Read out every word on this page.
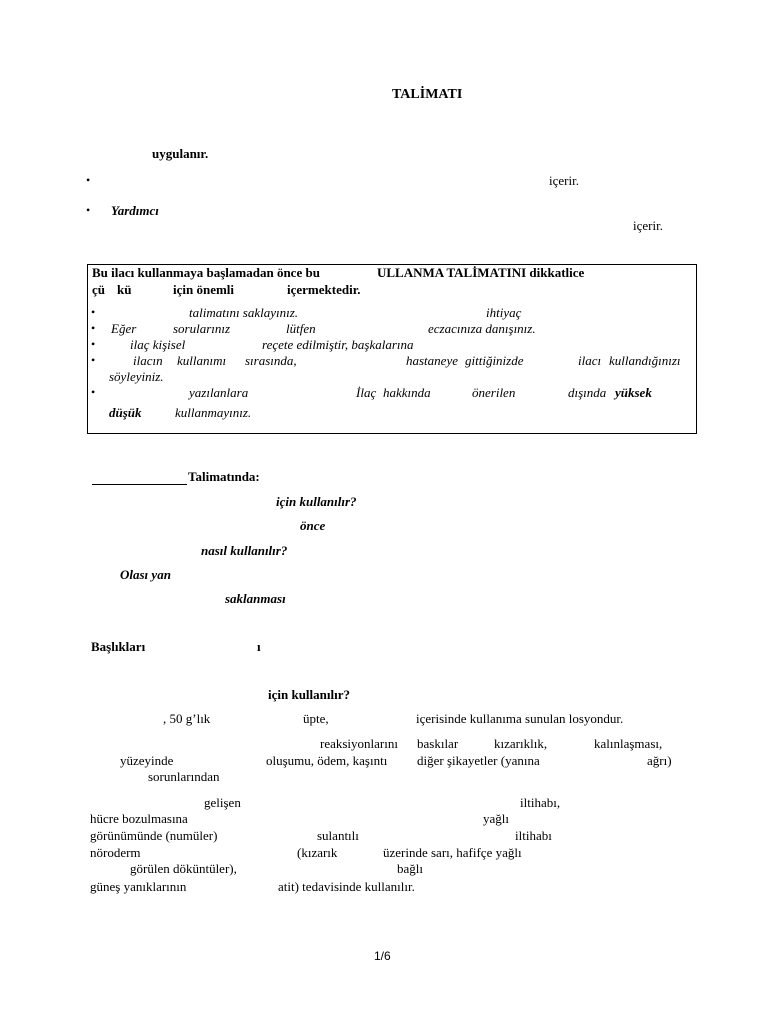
TALİMATI
uygulanır.
•	içerir.
• Yardımcı
içerir.
Bu ilacı kullanmaya başlamadan önce bu	ULLANMA TALİMATINI dikkatlice
çü kü	için önemli	içermektedir.
•	talimatını saklayınız.	ihtiyaç
• Eğer	sorularınız	lütfen	eczacınıza danışınız.
•	ilaç kişisel	reçete edilmiştir, başkalarına
•	ilacın kullanımı sırasında,	hastaneye gittiğinizde	ilacı kullandığınızı
söyleyiniz.
•	yazılanlara	İlaç hakkında	önerilen	dışında yüksek
düşük	kullanmayınız.
Talimatında:
için kullanılır?
önce
nasıl kullanılır?
Olası yan
saklanması
Başlıkları	ı
için kullanılır?
, 50 g’lık	üpte,	içerisinde kullanıma sunulan losyondur.
reaksiyonlarını baskılar	kızarıklık,	kalınlaşması,
yüzeyinde	oluşumu, ödem, kaşıntı diğer şikayetler (yanına	ağrı)
sorunlarından
gelişen	iltihabı,
hücre bozulmasına	yağlı
görünümünde (numüler)	sulantılı	iltihabı
nöroderm	(kızarık	üzerinde sarı, hafifçe yağlı
görülen döküntüler),	bağlı
güneş yanıklarının	atit) tedavisinde kullanılır.
1/6
